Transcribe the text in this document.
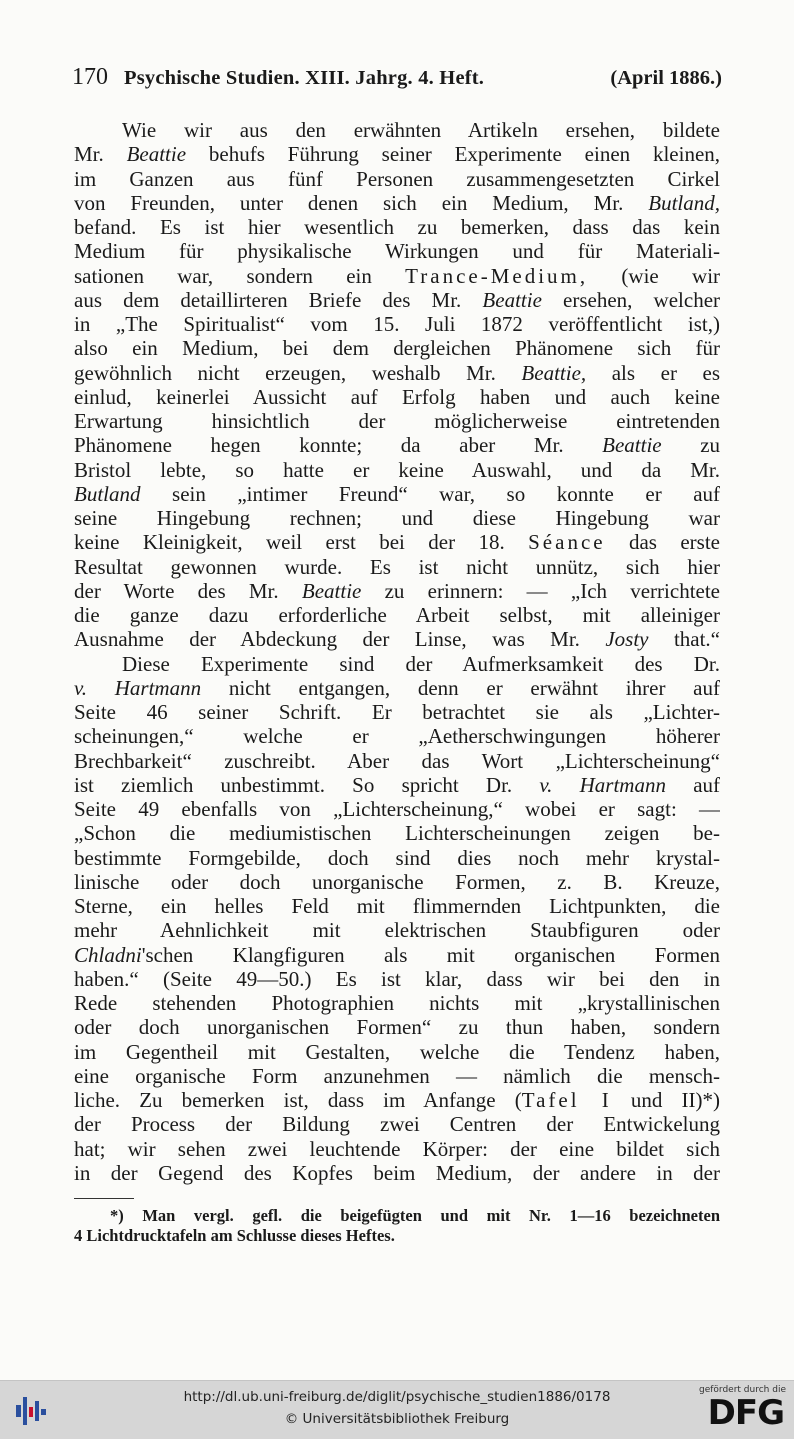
170 Psychische Studien. XIII. Jahrg. 4. Heft.	(April 1886.)
Wie wir aus den erwähnten Artikeln ersehen, bildete
Mr. Beattie behufs Führung seiner Experimente einen kleinen,
im Ganzen aus fünf Personen zusammengesetzten Cirkel
von Freunden, unter denen sich ein Medium, Mr. Butland,
befand. Es ist hier wesentlich zu bemerken, dass das kein
Medium für physikalische Wirkungen und für Materiali-
sationen war, sondern ein Trance-Medium, (wie wir
aus dem detaillirteren Briefe des Mr. Beattie ersehen, welcher
in „The Spiritualist“ vom 15. Juli 1872 veröffentlicht ist,)
also ein Medium, bei dem dergleichen Phänomene sich für
gewöhnlich nicht erzeugen, weshalb Mr. Beattie, als er es
einlud, keinerlei Aussicht auf Erfolg haben und auch keine
Erwartung hinsichtlich der möglicherweise eintretenden
Phänomene hegen konnte; da aber Mr. Beattie zu
Bristol lebte, so hatte er keine Auswahl, und da Mr.
Butland sein „intimer Freund“ war, so konnte er auf
seine Hingebung rechnen; und diese Hingebung war
keine Kleinigkeit, weil erst bei der 18. Séance das erste
Resultat gewonnen wurde. Es ist nicht unnütz, sich hier
der Worte des Mr. Beattie zu erinnern: — „Ich verrichtete
die ganze dazu erforderliche Arbeit selbst, mit alleiniger
Ausnahme der Abdeckung der Linse, was Mr. Josty that.“
Diese Experimente sind der Aufmerksamkeit des Dr.
v. Hartmann nicht entgangen, denn er erwähnt ihrer auf
Seite 46 seiner Schrift. Er betrachtet sie als „Lichter-
scheinungen,“ welche er „Aetherschwingungen höherer
Brechbarkeit“ zuschreibt. Aber das Wort „Lichterscheinung“
ist ziemlich unbestimmt. So spricht Dr. v. Hartmann auf
Seite 49 ebenfalls von „Lichterscheinung,“ wobei er sagt: —
„Schon die mediumistischen Lichterscheinungen zeigen be-
bestimmte Formgebilde, doch sind dies noch mehr krystal-
linische oder doch unorganische Formen, z. B. Kreuze,
Sterne, ein helles Feld mit flimmernden Lichtpunkten, die
mehr Aehnlichkeit mit elektrischen Staubfiguren oder
Chladni'schen Klangfiguren als mit organischen Formen
haben.“ (Seite 49—50.) Es ist klar, dass wir bei den in
Rede stehenden Photographien nichts mit „krystallinischen
oder doch unorganischen Formen“ zu thun haben, sondern
im Gegentheil mit Gestalten, welche die Tendenz haben,
eine organische Form anzunehmen — nämlich die mensch-
liche. Zu bemerken ist, dass im Anfange (Tafel I und II)*)
der Process der Bildung zwei Centren der Entwickelung
hat; wir sehen zwei leuchtende Körper: der eine bildet sich
in der Gegend des Kopfes beim Medium, der andere in der
*) Man vergl. gefl. die beigefügten und mit Nr. 1—16 bezeichneten
4 Lichtdrucktafeln am Schlusse dieses Heftes.
http://dl.ub.uni-freiburg.de/diglit/psychische_studien1886/0178
© Universitätsbibliothek Freiburg
gefördert durch die
DFG
